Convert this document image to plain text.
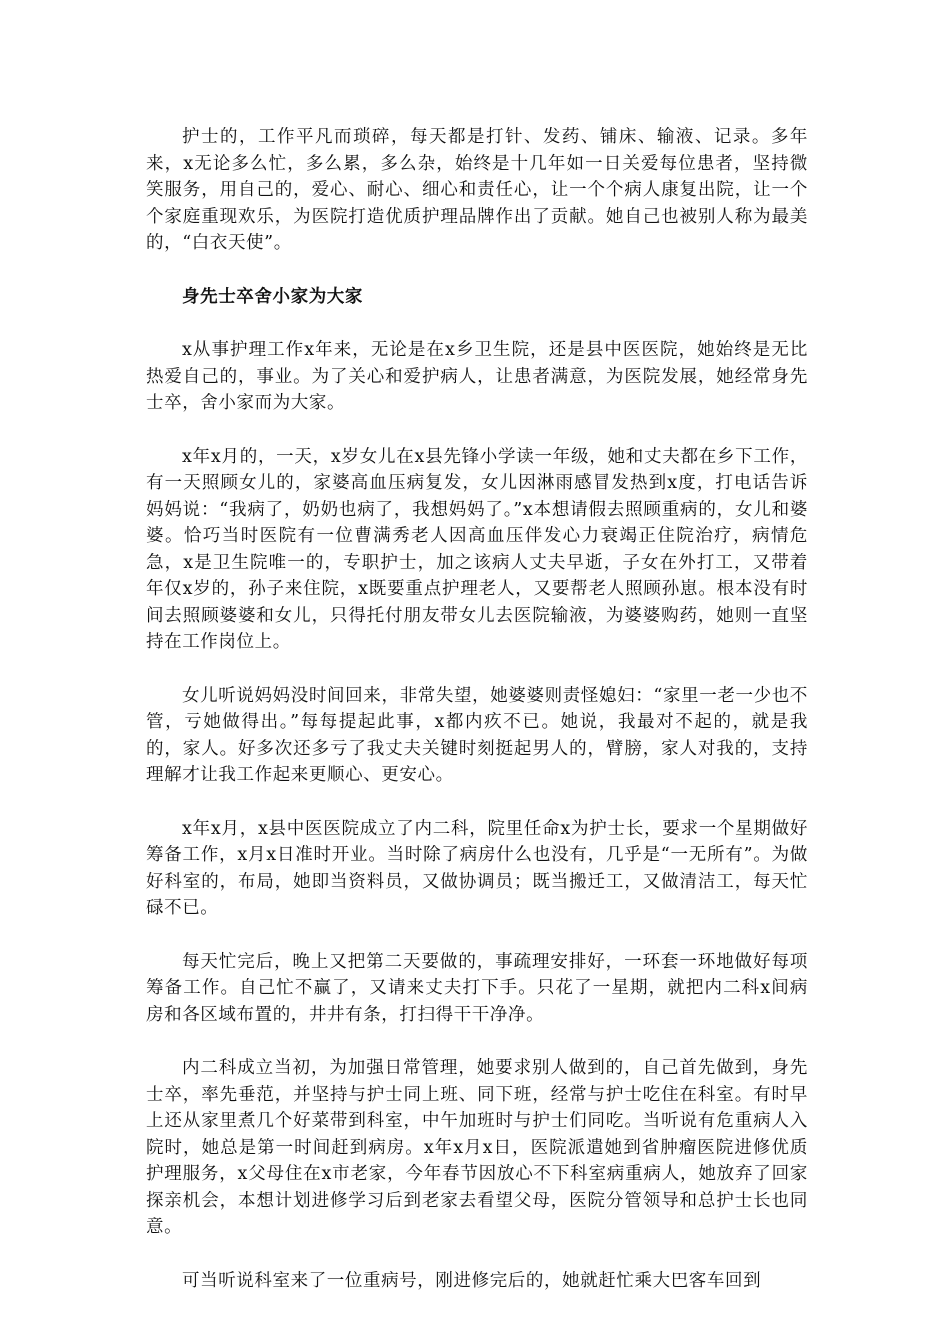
护士的，工作平凡而琐碎，每天都是打针、发药、铺床、输液、记录。多年来，x无论多么忙，多么累，多么杂，始终是十几年如一日关爱每位患者，坚持微笑服务，用自己的，爱心、耐心、细心和责任心，让一个个病人康复出院，让一个个家庭重现欢乐，为医院打造优质护理品牌作出了贡献。她自己也被别人称为最美的，“白衣天使”。

身先士卒舍小家为大家

x从事护理工作x年来，无论是在x乡卫生院，还是县中医医院，她始终是无比热爱自己的，事业。为了关心和爱护病人，让患者满意，为医院发展，她经常身先士卒，舍小家而为大家。

x年x月的，一天，x岁女儿在x县先锋小学读一年级，她和丈夫都在乡下工作，有一天照顾女儿的，家婆高血压病复发，女儿因淋雨感冒发热到x度，打电话告诉妈妈说：“我病了，奶奶也病了，我想妈妈了。”x本想请假去照顾重病的，女儿和婆婆。恰巧当时医院有一位曹满秀老人因高血压伴发心力衰竭正住院治疗，病情危急，x是卫生院唯一的，专职护士，加之该病人丈夫早逝，子女在外打工，又带着年仅x岁的，孙子来住院，x既要重点护理老人，又要帮老人照顾孙崽。根本没有时间去照顾婆婆和女儿，只得托付朋友带女儿去医院输液，为婆婆购药，她则一直坚持在工作岗位上。

女儿听说妈妈没时间回来，非常失望，她婆婆则责怪媳妇：“家里一老一少也不管，亏她做得出。”每每提起此事，x都内疚不已。她说，我最对不起的，就是我的，家人。好多次还多亏了我丈夫关键时刻挺起男人的，臂膀，家人对我的，支持理解才让我工作起来更顺心、更安心。

x年x月，x县中医医院成立了内二科，院里任命x为护士长，要求一个星期做好筹备工作，x月x日准时开业。当时除了病房什么也没有，几乎是“一无所有”。为做好科室的，布局，她即当资料员，又做协调员；既当搬迁工，又做清洁工，每天忙碌不已。

每天忙完后，晚上又把第二天要做的，事疏理安排好，一环套一环地做好每项筹备工作。自己忙不赢了，又请来丈夫打下手。只花了一星期，就把内二科x间病房和各区域布置的，井井有条，打扫得干干净净。

内二科成立当初，为加强日常管理，她要求别人做到的，自己首先做到，身先士卒，率先垂范，并坚持与护士同上班、同下班，经常与护士吃住在科室。有时早上还从家里煮几个好菜带到科室，中午加班时与护士们同吃。当听说有危重病人入院时，她总是第一时间赶到病房。x年x月x日，医院派遣她到省肿瘤医院进修优质护理服务，x父母住在x市老家，今年春节因放心不下科室病重病人，她放弃了回家探亲机会，本想计划进修学习后到老家去看望父母，医院分管领导和总护士长也同意。

可当听说科室来了一位重病号，刚进修完后的，她就赶忙乘大巴客车回到
